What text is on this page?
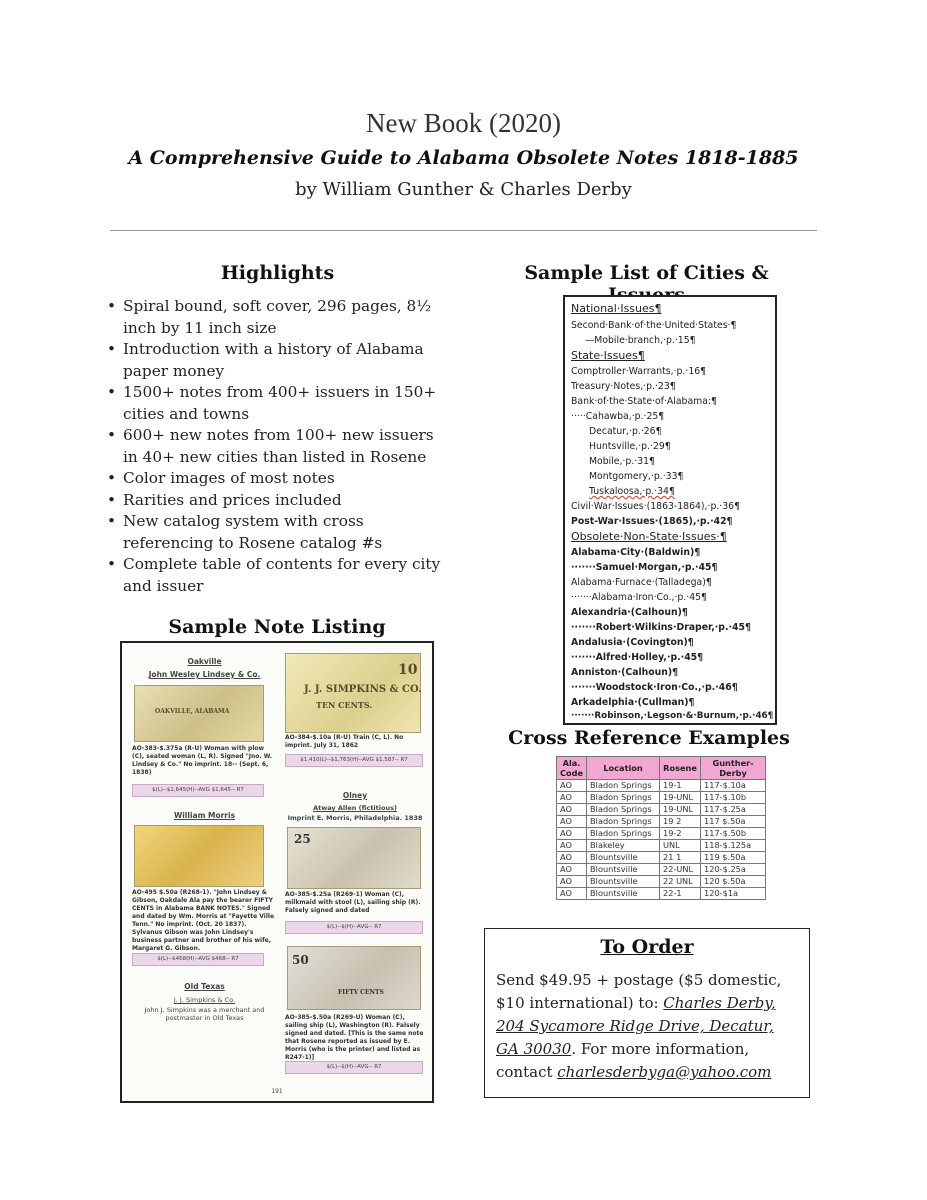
New Book (2020)

A Comprehensive Guide to Alabama Obsolete Notes 1818-1885

by William Gunther & Charles Derby

Highlights

• Spiral bound, soft cover, 296 pages, 8½ inch by 11 inch size
• Introduction with a history of Alabama paper money
• 1500+ notes from 400+ issuers in 150+ cities and towns
• 600+ new notes from 100+ new issuers in 40+ new cities than listed in Rosene
• Color images of most notes
• Rarities and prices included
• New catalog system with cross referencing to Rosene catalog #s
• Complete table of contents for every city and issuer

Sample Note Listing

Oakville
John Wesley Lindsey & Co.
OAKVILLE, ALABAMA
AO-383-$.375a (R-U) Woman with plow (C), seated woman (L, R). Signed "Jno. W. Lindsey & Co." No imprint. 18-- (Sept. 6, 1838)
$(L)--$1,645(H)--AVG $1,645-- R7
William Morris
AO-495 $.50a (R268-1). "John Lindsey & Gibson, Oakdale Ala pay the bearer FIFTY CENTS in Alabama BANK NOTES." Signed and dated by Wm. Morris at "Fayette Ville Tenn." No imprint. (Oct. 20 1837). Sylvanus Gibson was John Lindsey's business partner and brother of his wife, Margaret G. Gibson.
$(L)--$468(H)--AVG $468-- R7
Old Texas
J. J. Simpkins & Co.
John J. Simpkins was a merchant and postmaster in Old Texas
10
J. J. SIMPKINS & CO.
TEN CENTS.
AO-384-$.10a (R-U) Train (C, L). No imprint. July 31, 1862
$1,410(L)--$1,763(H)--AVG $1,587-- R7
Olney
Atway Allen (fictitious)
Imprint E. Morris, Philadelphia. 1838
25
AO-385-$.25a (R269-1) Woman (C), milkmaid with stool (L), sailing ship (R). Falsely signed and dated
$(L)--$(H)--AVG-- R7
50
FIFTY CENTS
AO-385-$.50a (R269-U) Woman (C), sailing ship (L), Washington (R). Falsely signed and dated. [This is the same note that Rosene reported as issued by E. Morris (who is the printer) and listed as R247-1)]
$(L)--$(H)--AVG-- R7
191

Sample List of Cities &

National·Issues¶
Second·Bank·of·the·United·States·¶
—Mobile·branch,·p.·15¶
State·Issues¶
Comptroller·Warrants,·p.·16¶
Treasury·Notes,·p.·23¶
Bank·of·the·State·of·Alabama:¶
·····Cahawba,·p.·25¶
Decatur,·p.·26¶
Huntsville,·p.·29¶
Mobile,·p.·31¶
Montgomery,·p.·33¶
Tuskaloosa,·p.·34¶
Civil·War·Issues·(1863-1864),·p.·36¶
Post-War·Issues·(1865),·p.·42¶
Obsolete·Non-State·Issues·¶
Alabama·City·(Baldwin)¶
·······Samuel·Morgan,·p.·45¶
Alabama·Furnace·(Talladega)¶
·······Alabama·Iron·Co.,·p.·45¶
Alexandria·(Calhoun)¶
·······Robert·Wilkins·Draper,·p.·45¶
Andalusia·(Covington)¶
·······Alfred·Holley,·p.·45¶
Anniston·(Calhoun)¶
·······Woodstock·Iron·Co.,·p.·46¶
Arkadelphia·(Cullman)¶
·······Robinson,·Legson·&·Burnum,·p.·46¶

Cross Reference Examples

Ala. Code	Location	Rosene	Gunther-Derby
AO	Bladon Springs	19-1	117-$.10a
AO	Bladon Springs	19-UNL	117-$.10b
AO	Bladon Springs	19-UNL	117-$.25a
AO	Bladon Springs	19 2	117 $.50a
AO	Bladon Springs	19-2	117-$.50b
AO	Blakeley	UNL	118-$.125a
AO	Blountsville	21 1	119 $.50a
AO	Blountsville	22-UNL	120-$.25a
AO	Blountsville	22 UNL	120 $.50a
AO	Blountsville	22-1	120-$1a
To Order

Send $49.95 + postage ($5 domestic, $10 international) to: Charles Derby, 204 Sycamore Ridge Drive, Decatur, GA 30030. For more information, contact charlesderbyga@yahoo.com
